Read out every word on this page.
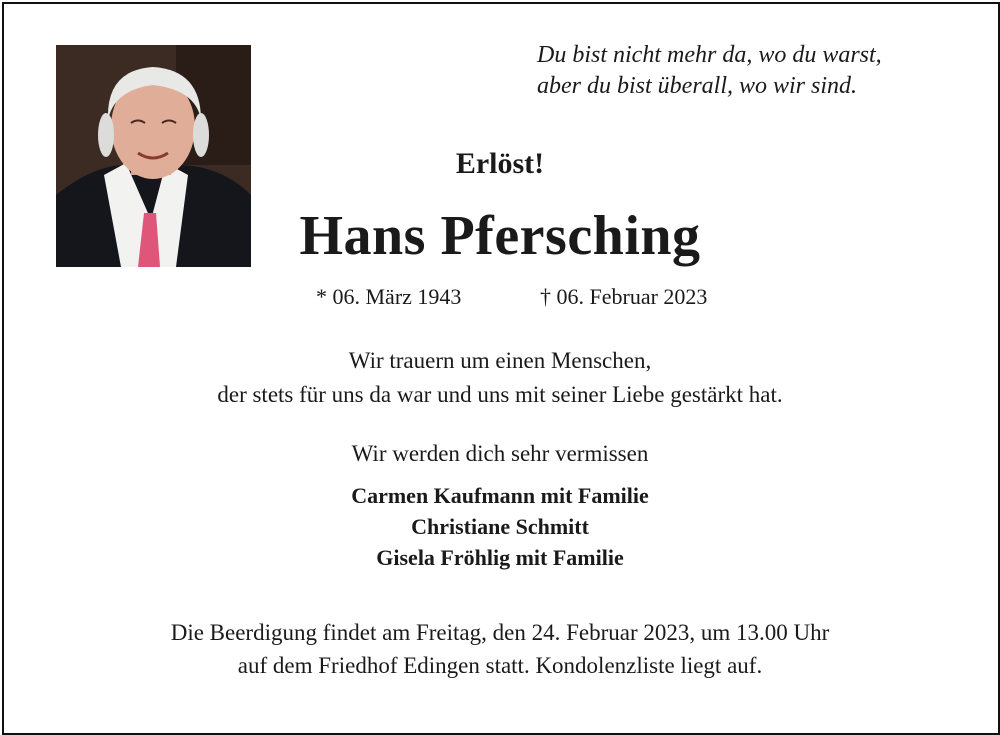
Du bist nicht mehr da, wo du warst,
aber du bist überall, wo wir sind.
Erlöst!
Hans Pfersching
* 06. März 1943	† 06. Februar 2023
Wir trauern um einen Menschen,
der stets für uns da war und uns mit seiner Liebe gestärkt hat.
Wir werden dich sehr vermissen
Carmen Kaufmann mit Familie
Christiane Schmitt
Gisela Fröhlig mit Familie
Die Beerdigung findet am Freitag, den 24. Februar 2023, um 13.00 Uhr
auf dem Friedhof Edingen statt. Kondolenzliste liegt auf.
